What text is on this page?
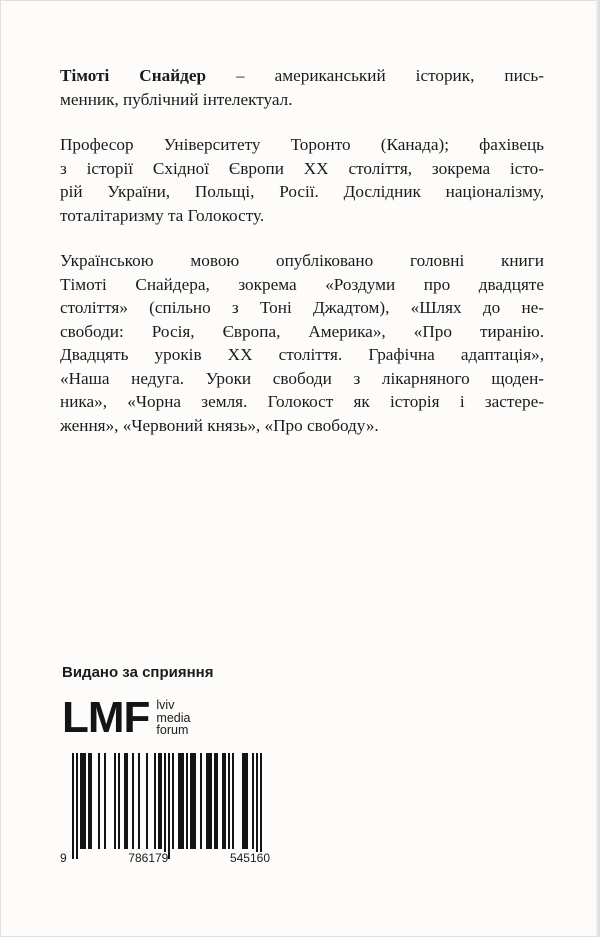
Тімоті Снайдер – американський історик, пись-
менник, публічний інтелектуал.

Професор Університету Торонто (Канада); фахівець
з історії Східної Європи XX століття, зокрема істо-
рій України, Польщі, Росії. Дослідник націоналізму,
тоталітаризму та Голокосту.

Українською мовою опубліковано головні книги
Тімоті Снайдера, зокрема «Роздуми про двадцяте
століття» (спільно з Тоні Джадтом), «Шлях до не-
свободи: Росія, Європа, Америка», «Про тиранію.
Двадцять уроків XX століття. Графічна адаптація»,
«Наша недуга. Уроки свободи з лікарняного щоден-
ника», «Чорна земля. Голокост як історія і застере-
ження», «Червоний князь», «Про свободу».

Видано за сприяння
LMF lviv
media
forum
9	786179	545160
